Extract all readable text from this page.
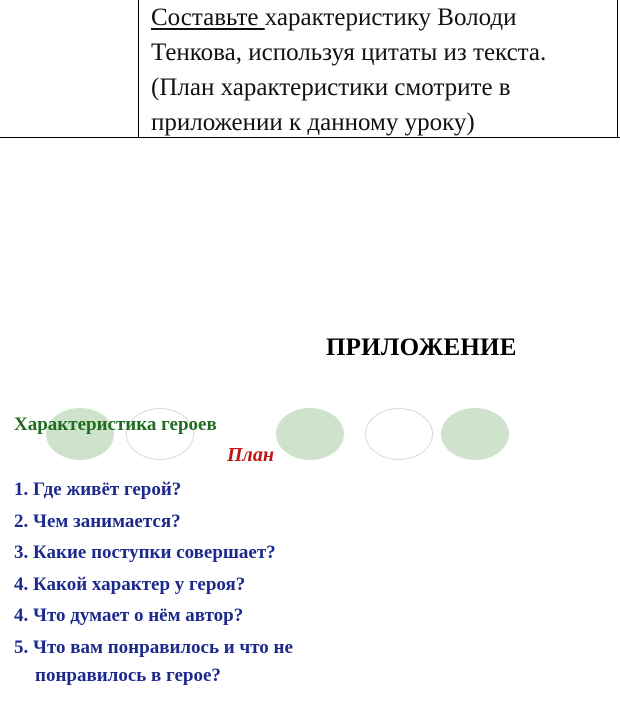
Составьте характеристику Володи
Тенкова, используя цитаты из текста.
(План характеристики смотрите в
приложении к данному уроку)
ПРИЛОЖЕНИЕ
Характеристика героев
План
1. Где живёт герой?
2. Чем занимается?
3. Какие поступки совершает?
4. Какой характер у героя?
4. Что думает о нём автор?
5. Что вам понравилось и что не
понравилось в герое?
